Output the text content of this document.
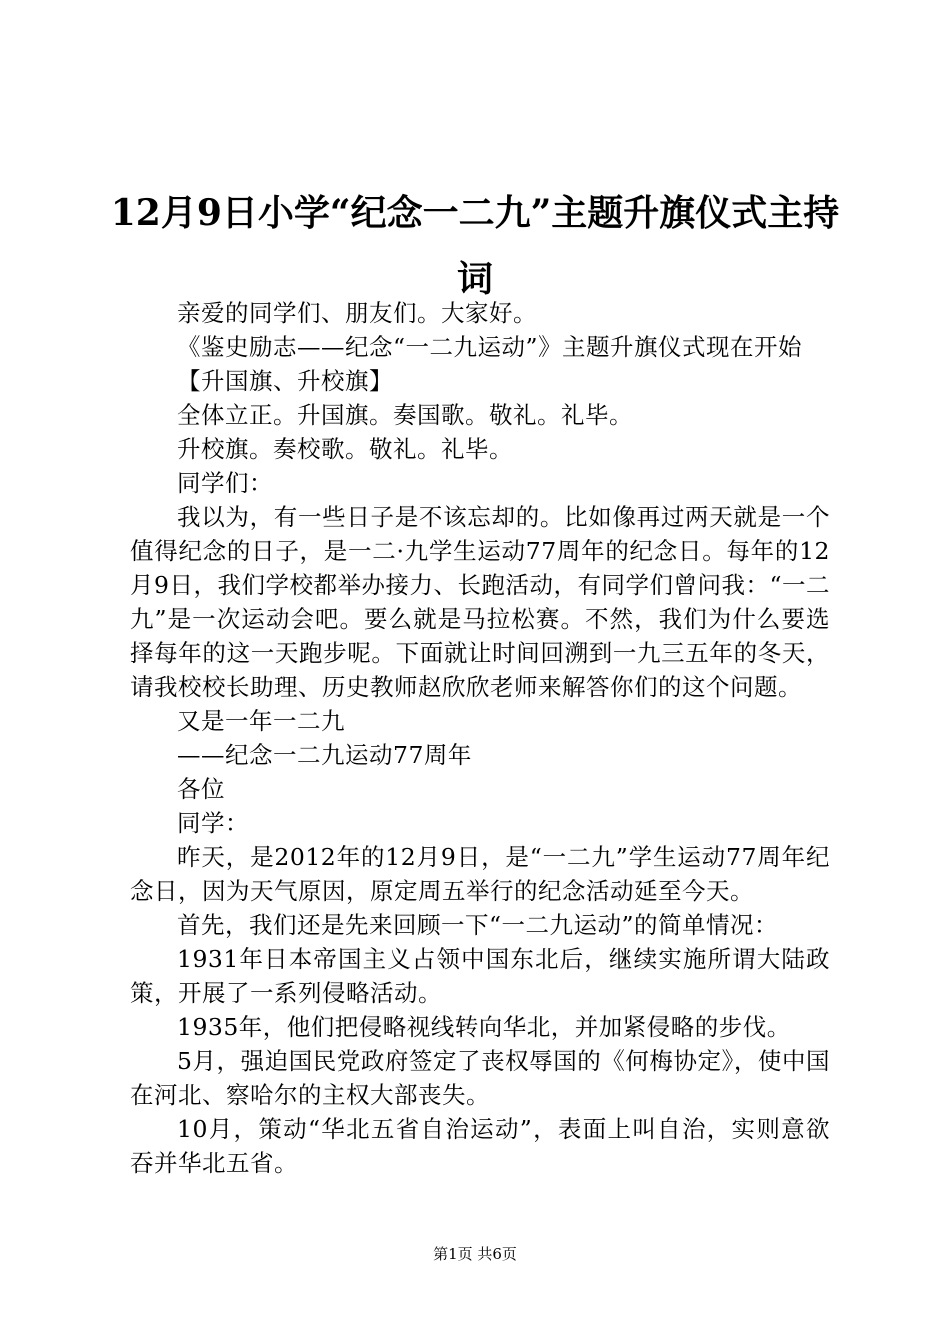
12月9日小学“纪念一二九”主题升旗仪式主持词

亲爱的同学们、朋友们。大家好。

《鉴史励志——纪念“一二九运动”》主题升旗仪式现在开始

【升国旗、升校旗】

全体立正。升国旗。奏国歌。敬礼。礼毕。

升校旗。奏校歌。敬礼。礼毕。

同学们：

我以为，有一些日子是不该忘却的。比如像再过两天就是一个值得纪念的日子，是一二·九学生运动77周年的纪念日。每年的12月9日，我们学校都举办接力、长跑活动，有同学们曾问我：“一二九”是一次运动会吧。要么就是马拉松赛。不然，我们为什么要选择每年的这一天跑步呢。下面就让时间回溯到一九三五年的冬天，请我校校长助理、历史教师赵欣欣老师来解答你们的这个问题。

又是一年一二九

——纪念一二九运动77周年

各位

同学：

昨天，是2012年的12月9日，是“一二九”学生运动77周年纪念日，因为天气原因，原定周五举行的纪念活动延至今天。

首先，我们还是先来回顾一下“一二九运动”的简单情况：

1931年日本帝国主义占领中国东北后，继续实施所谓大陆政策，开展了一系列侵略活动。

1935年，他们把侵略视线转向华北，并加紧侵略的步伐。

5月，强迫国民党政府签定了丧权辱国的《何梅协定》，使中国在河北、察哈尔的主权大部丧失。

10月，策动“华北五省自治运动”，表面上叫自治，实则意欲吞并华北五省。

第1页 共6页
